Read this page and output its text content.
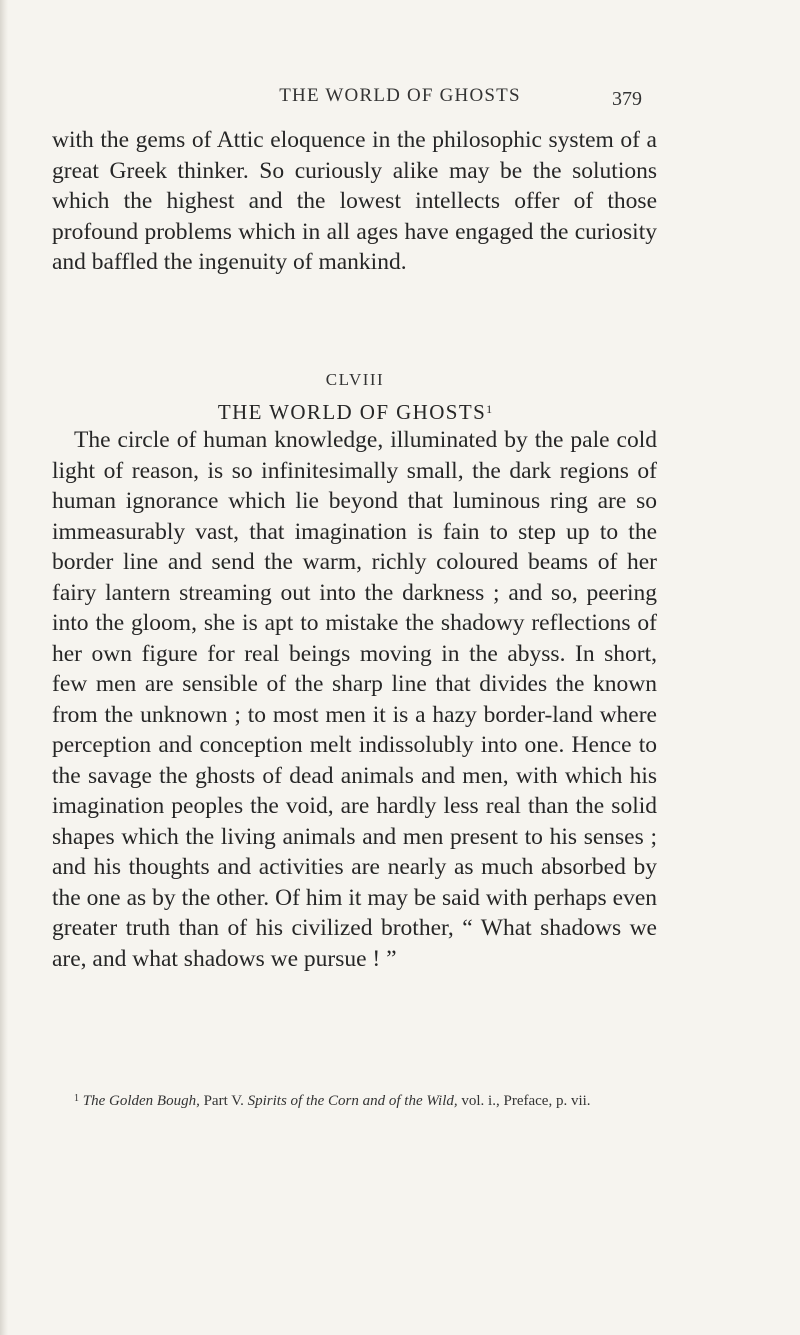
THE WORLD OF GHOSTS	379

with the gems of Attic eloquence in the philosophic system of a great Greek thinker. So curiously alike may be the solutions which the highest and the lowest intellects offer of those profound problems which in all ages have engaged the curiosity and baffled the ingenuity of mankind.

CLVIII
THE WORLD OF GHOSTS$^1$

The circle of human knowledge, illuminated by the pale cold light of reason, is so infinitesimally small, the dark regions of human ignorance which lie beyond that luminous ring are so immeasurably vast, that imagination is fain to step up to the border line and send the warm, richly coloured beams of her fairy lantern streaming out into the darkness ; and so, peering into the gloom, she is apt to mistake the shadowy reflections of her own figure for real beings moving in the abyss. In short, few men are sensible of the sharp line that divides the known from the unknown ; to most men it is a hazy border-land where perception and conception melt indissolubly into one. Hence to the savage the ghosts of dead animals and men, with which his imagination peoples the void, are hardly less real than the solid shapes which the living animals and men present to his senses ; and his thoughts and activities are nearly as much absorbed by the one as by the other. Of him it may be said with perhaps even greater truth than of his civilized brother, “ What shadows we are, and what shadows we pursue ! ”

$^1$ The Golden Bough, Part V. Spirits of the Corn and of the Wild, vol. i., Preface, p. vii.
